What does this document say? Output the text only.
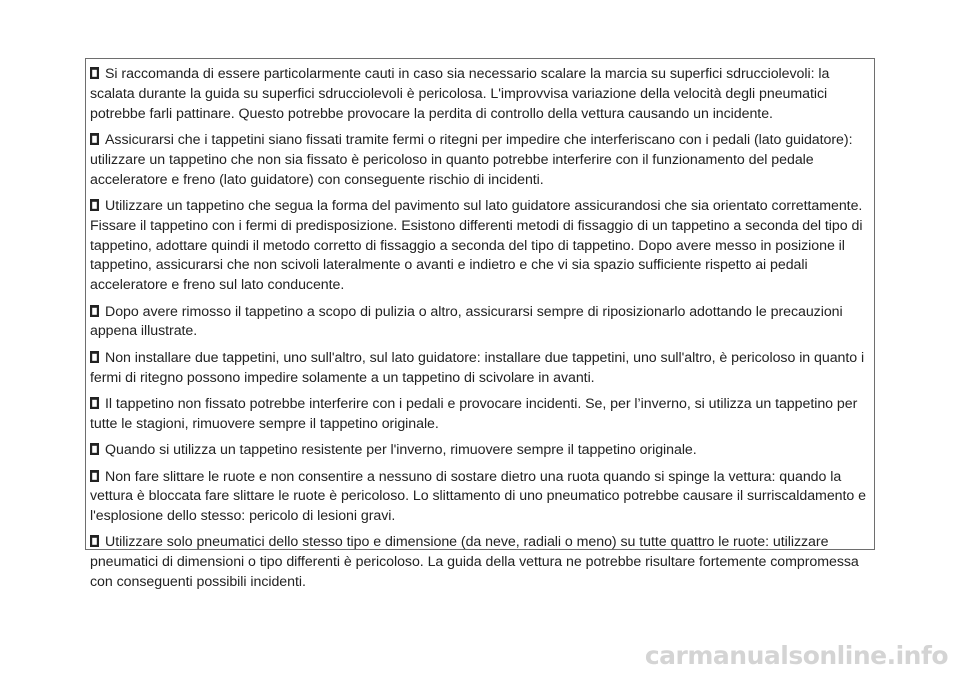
Si raccomanda di essere particolarmente cauti in caso sia necessario scalare la marcia su superfici sdrucciolevoli: la scalata durante la guida su superfici sdrucciolevoli è pericolosa. L'improvvisa variazione della velocità degli pneumatici potrebbe farli pattinare. Questo potrebbe provocare la perdita di controllo della vettura causando un incidente.

Assicurarsi che i tappetini siano fissati tramite fermi o ritegni per impedire che interferiscano con i pedali (lato guidatore): utilizzare un tappetino che non sia fissato è pericoloso in quanto potrebbe interferire con il funzionamento del pedale acceleratore e freno (lato guidatore) con conseguente rischio di incidenti.

Utilizzare un tappetino che segua la forma del pavimento sul lato guidatore assicurandosi che sia orientato correttamente. Fissare il tappetino con i fermi di predisposizione. Esistono differenti metodi di fissaggio di un tappetino a seconda del tipo di tappetino, adottare quindi il metodo corretto di fissaggio a seconda del tipo di tappetino. Dopo avere messo in posizione il tappetino, assicurarsi che non scivoli lateralmente o avanti e indietro e che vi sia spazio sufficiente rispetto ai pedali acceleratore e freno sul lato conducente.

Dopo avere rimosso il tappetino a scopo di pulizia o altro, assicurarsi sempre di riposizionarlo adottando le precauzioni appena illustrate.

Non installare due tappetini, uno sull'altro, sul lato guidatore: installare due tappetini, uno sull'altro, è pericoloso in quanto i fermi di ritegno possono impedire solamente a un tappetino di scivolare in avanti.

Il tappetino non fissato potrebbe interferire con i pedali e provocare incidenti. Se, per l’inverno, si utilizza un tappetino per tutte le stagioni, rimuovere sempre il tappetino originale.

Quando si utilizza un tappetino resistente per l'inverno, rimuovere sempre il tappetino originale.

Non fare slittare le ruote e non consentire a nessuno di sostare dietro una ruota quando si spinge la vettura: quando la vettura è bloccata fare slittare le ruote è pericoloso. Lo slittamento di uno pneumatico potrebbe causare il surriscaldamento e l'esplosione dello stesso: pericolo di lesioni gravi.

Utilizzare solo pneumatici dello stesso tipo e dimensione (da neve, radiali o meno) su tutte quattro le ruote: utilizzare pneumatici di dimensioni o tipo differenti è pericoloso. La guida della vettura ne potrebbe risultare fortemente compromessa con conseguenti possibili incidenti.

carmanualsonline.info
